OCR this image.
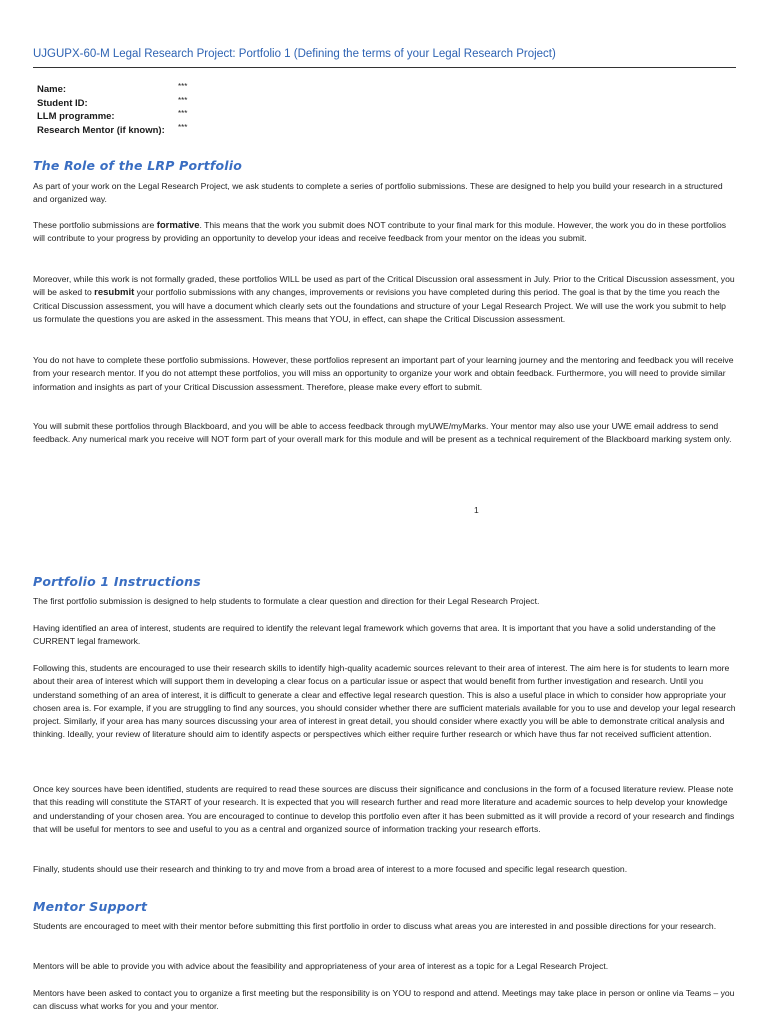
UJGUPX-60-M Legal Research Project: Portfolio 1 (Defining the terms of your Legal Research Project)
Name:	***
Student ID:	***
LLM programme:	***
Research Mentor (if known):	***
The Role of the LRP Portfolio

As part of your work on the Legal Research Project, we ask students to complete a series of portfolio submissions. These are designed to help you build your research in a structured and organized way.

These portfolio submissions are formative. This means that the work you submit does NOT contribute to your final mark for this module. However, the work you do in these portfolios will contribute to your progress by providing an opportunity to develop your ideas and receive feedback from your mentor on the ideas you submit.

Moreover, while this work is not formally graded, these portfolios WILL be used as part of the Critical Discussion oral assessment in July. Prior to the Critical Discussion assessment, you will be asked to resubmit your portfolio submissions with any changes, improvements or revisions you have completed during this period. The goal is that by the time you reach the Critical Discussion assessment, you will have a document which clearly sets out the foundations and structure of your Legal Research Project. We will use the work you submit to help us formulate the questions you are asked in the assessment. This means that YOU, in effect, can shape the Critical Discussion assessment.

You do not have to complete these portfolio submissions. However, these portfolios represent an important part of your learning journey and the mentoring and feedback you will receive from your research mentor. If you do not attempt these portfolios, you will miss an opportunity to organize your work and obtain feedback. Furthermore, you will need to provide similar information and insights as part of your Critical Discussion assessment. Therefore, please make every effort to submit.

You will submit these portfolios through Blackboard, and you will be able to access feedback through myUWE/myMarks. Your mentor may also use your UWE email address to send feedback. Any numerical mark you receive will NOT form part of your overall mark for this module and will be present as a technical requirement of the Blackboard marking system only.

1
Portfolio 1 Instructions

The first portfolio submission is designed to help students to formulate a clear question and direction for their Legal Research Project.

Having identified an area of interest, students are required to identify the relevant legal framework which governs that area. It is important that you have a solid understanding of the CURRENT legal framework.

Following this, students are encouraged to use their research skills to identify high-quality academic sources relevant to their area of interest. The aim here is for students to learn more about their area of interest which will support them in developing a clear focus on a particular issue or aspect that would benefit from further investigation and research. Until you understand something of an area of interest, it is difficult to generate a clear and effective legal research question. This is also a useful place in which to consider how appropriate your chosen area is. For example, if you are struggling to find any sources, you should consider whether there are sufficient materials available for you to use and develop your legal research project. Similarly, if your area has many sources discussing your area of interest in great detail, you should consider where exactly you will be able to demonstrate critical analysis and thinking. Ideally, your review of literature should aim to identify aspects or perspectives which either require further research or which have thus far not received sufficient attention.

Once key sources have been identified, students are required to read these sources are discuss their significance and conclusions in the form of a focused literature review. Please note that this reading will constitute the START of your research. It is expected that you will research further and read more literature and academic sources to help develop your knowledge and understanding of your chosen area. You are encouraged to continue to develop this portfolio even after it has been submitted as it will provide a record of your research and findings that will be useful for mentors to see and useful to you as a central and organized source of information tracking your research efforts.

Finally, students should use their research and thinking to try and move from a broad area of interest to a more focused and specific legal research question.

Mentor Support

Students are encouraged to meet with their mentor before submitting this first portfolio in order to discuss what areas you are interested in and possible directions for your research.

Mentors will be able to provide you with advice about the feasibility and appropriateness of your area of interest as a topic for a Legal Research Project.

Mentors have been asked to contact you to organize a first meeting but the responsibility is on YOU to respond and attend. Meetings may take place in person or online via Teams – you can discuss what works for you and your mentor.
